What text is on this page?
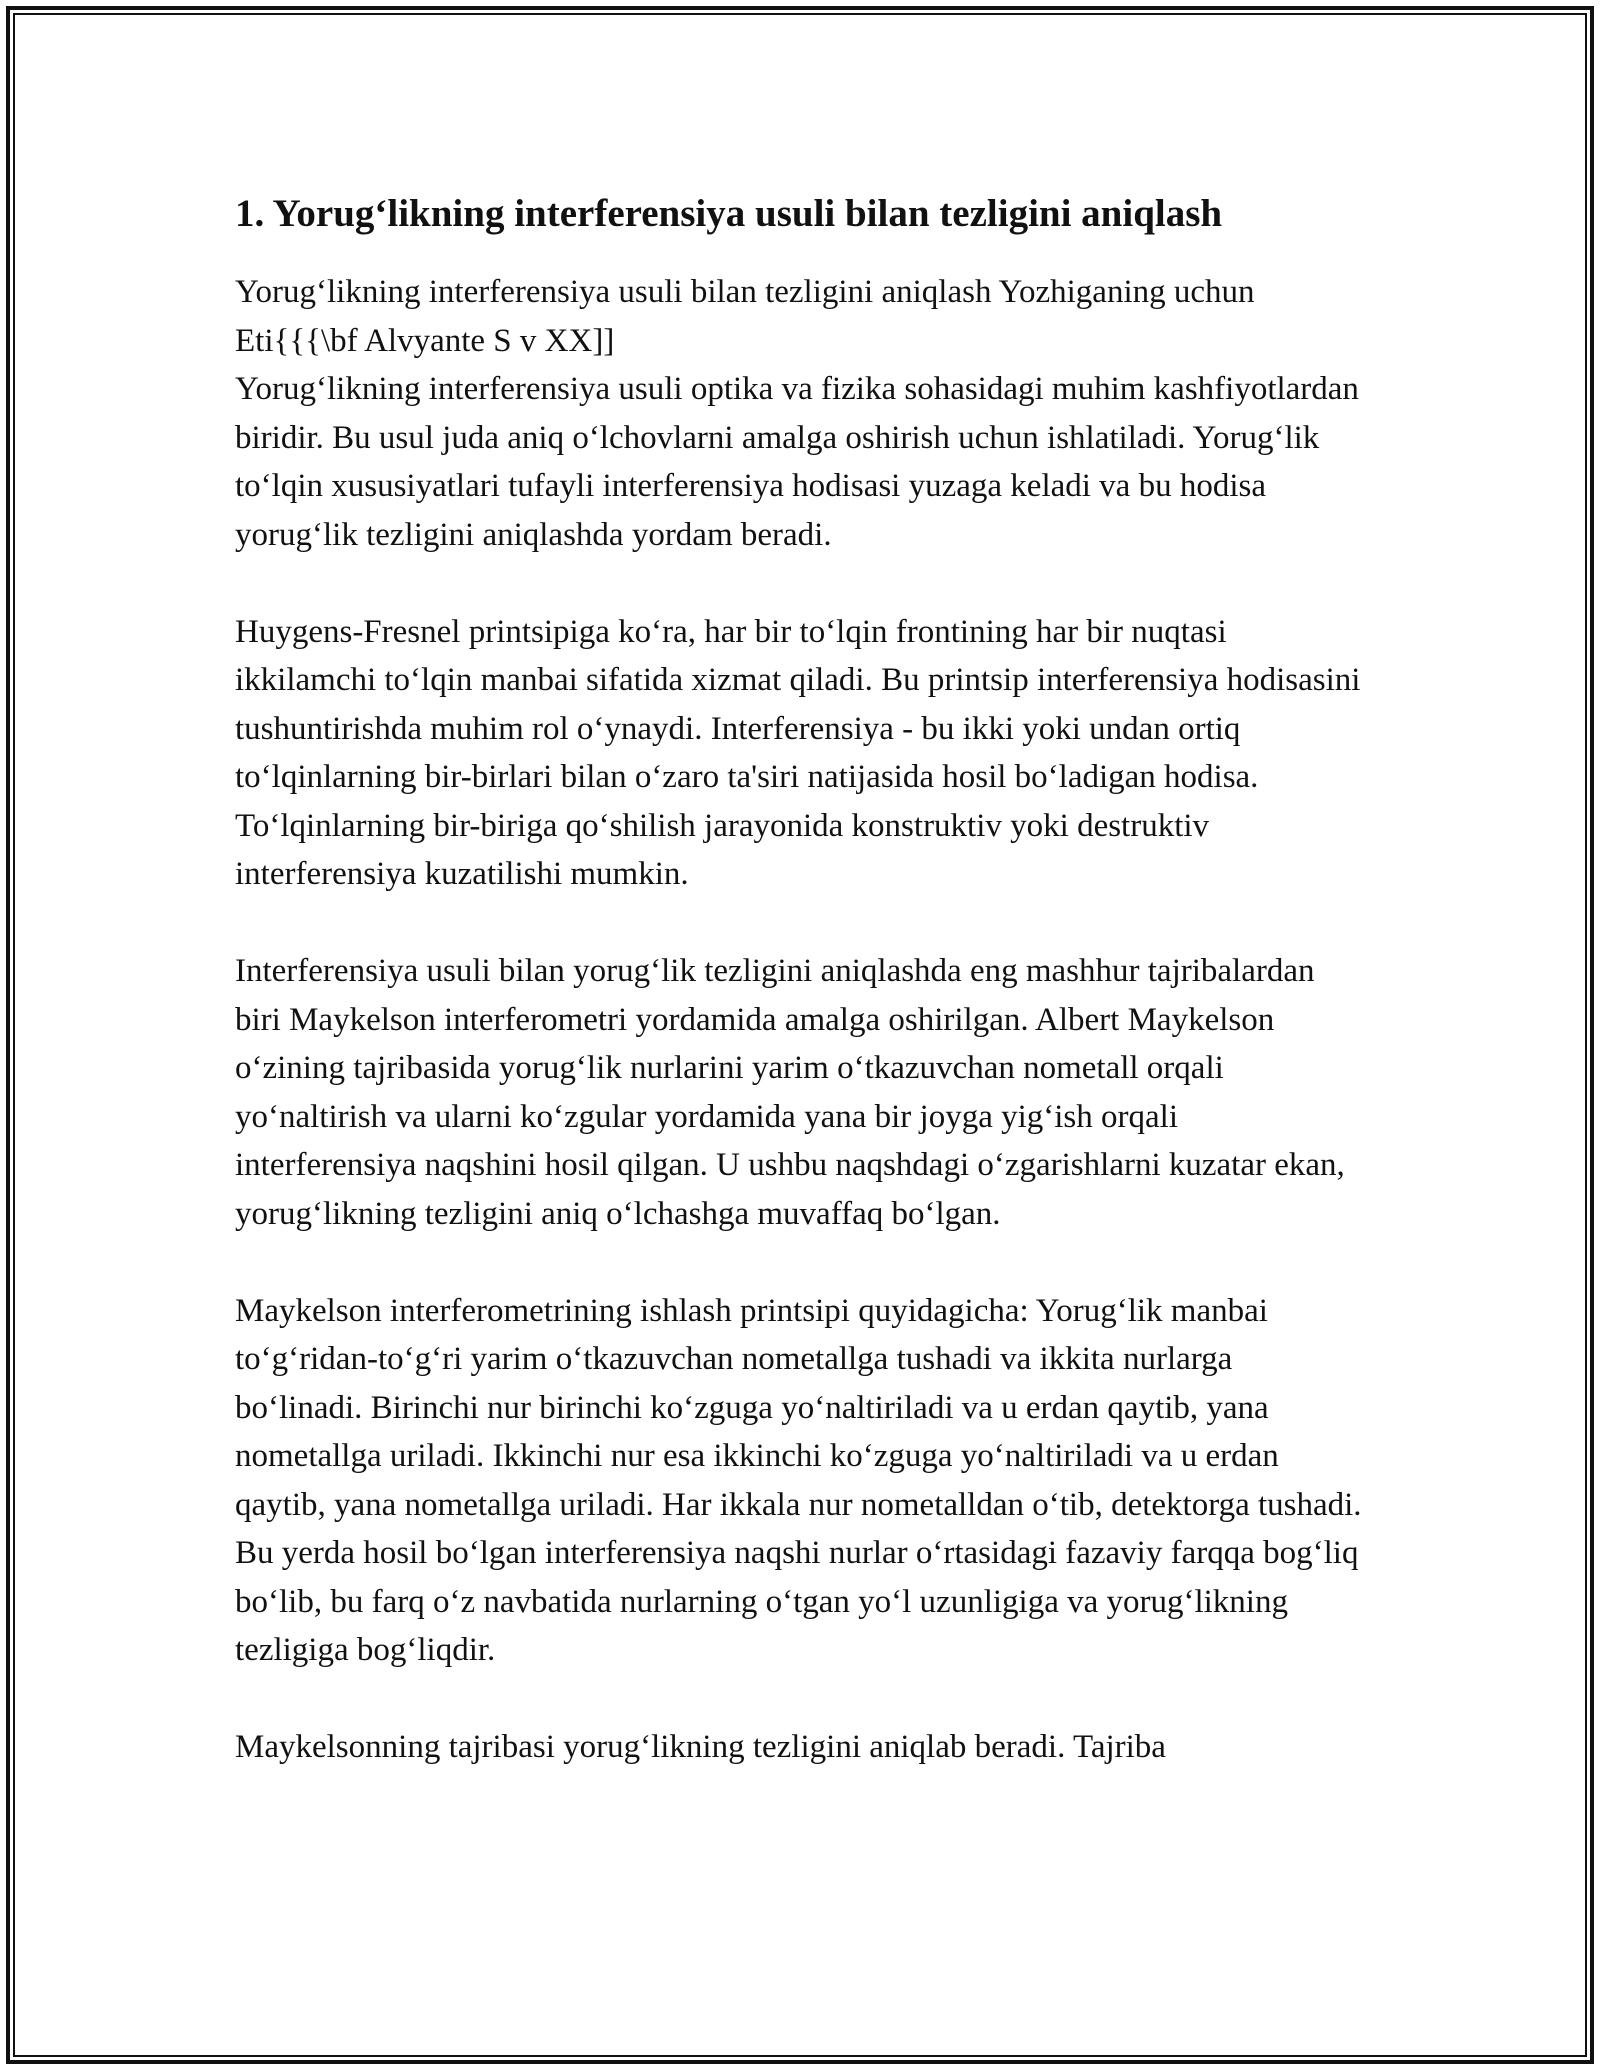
1. Yorug‘likning interferensiya usuli bilan tezligini aniqlash

Yorug‘likning interferensiya usuli bilan tezligini aniqlash Yozhiganing uchun Eti{{{\bf Alvyante S v XX]]

Yorug‘likning interferensiya usuli optika va fizika sohasidagi muhim kashfiyotlardan biridir. Bu usul juda aniq o‘lchovlarni amalga oshirish uchun ishlatiladi. Yorug‘lik to‘lqin xususiyatlari tufayli interferensiya hodisasi yuzaga keladi va bu hodisa yorug‘lik tezligini aniqlashda yordam beradi.

Huygens-Fresnel printsipiga ko‘ra, har bir to‘lqin frontining har bir nuqtasi ikkilamchi to‘lqin manbai sifatida xizmat qiladi. Bu printsip interferensiya hodisasini tushuntirishda muhim rol o‘ynaydi. Interferensiya - bu ikki yoki undan ortiq to‘lqinlarning bir-birlari bilan o‘zaro ta'siri natijasida hosil bo‘ladigan hodisa. To‘lqinlarning bir-biriga qo‘shilish jarayonida konstruktiv yoki destruktiv interferensiya kuzatilishi mumkin.

Interferensiya usuli bilan yorug‘lik tezligini aniqlashda eng mashhur tajribalardan biri Maykelson interferometri yordamida amalga oshirilgan. Albert Maykelson o‘zining tajribasida yorug‘lik nurlarini yarim o‘tkazuvchan nometall orqali yo‘naltirish va ularni ko‘zgular yordamida yana bir joyga yig‘ish orqali interferensiya naqshini hosil qilgan. U ushbu naqshdagi o‘zgarishlarni kuzatar ekan, yorug‘likning tezligini aniq o‘lchashga muvaffaq bo‘lgan.

Maykelson interferometrining ishlash printsipi quyidagicha: Yorug‘lik manbai to‘g‘ridan-to‘g‘ri yarim o‘tkazuvchan nometallga tushadi va ikkita nurlarga bo‘linadi. Birinchi nur birinchi ko‘zguga yo‘naltiriladi va u erdan qaytib, yana nometallga uriladi. Ikkinchi nur esa ikkinchi ko‘zguga yo‘naltiriladi va u erdan qaytib, yana nometallga uriladi. Har ikkala nur nometalldan o‘tib, detektorga tushadi. Bu yerda hosil bo‘lgan interferensiya naqshi nurlar o‘rtasidagi fazaviy farqqa bog‘liq bo‘lib, bu farq o‘z navbatida nurlarning o‘tgan yo‘l uzunligiga va yorug‘likning tezligiga bog‘liqdir.

Maykelsonning tajribasi yorug‘likning tezligini aniqlab beradi. Tajriba
